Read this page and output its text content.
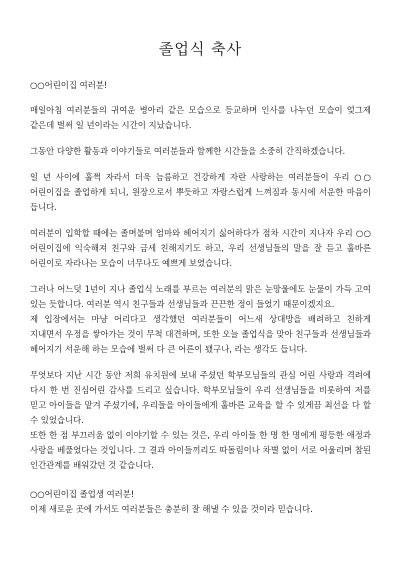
졸업식 축사

○○어린이집 여러분!

매일아침 여러분들의 귀여운 병아리 같은 모습으로 등교하며 인사를 나누던 모습이 엊그제 같은데 벌써 일 년이라는 시간이 지났습니다.

그동안 다양한 활동과 이야기들로 여러분들과 함께한 시간들을 소중히 간직하겠습니다.

일 년 사이에 훌쩍 자라서 더욱 늠름하고 건강하게 자란 사랑하는 여러분들이 우리 ○○어린이집을 졸업하게 되니, 원장으로서 뿌듯하고 자랑스럽게 느껴짐과 동시에 서운한 마음이 듭니다.

여러분이 입학할 때에는 졸며불며 엄마와 헤어지기 싫어하다가 점차 시간이 지나자 우리 ○○어린이집에 익숙해져 친구와 금세 친해지기도 하고, 우리 선생님들의 말을 잘 듣고 훌바른 어린이로 자라나는 모습이 너무나도 예쁘게 보였습니다.

그러나 어느덧 1년이 지나 졸업식 노래를 부르는 여러분의 맑은 눈망울에도 눈물이 가득 고여 있는 듯합니다. 여러분 역시 친구들과 선생님들과 끈끈한 정이 들었기 때문이겠지요.

제 입장에서는 마냥 어리다고 생각했던 여러분들이 어느새 상대방을 배려하고 친하게 지내면서 우정을 쌓아가는 것이 무척 대견하며, 또한 오늘 졸업식을 맞아 친구들과 선생님들과 헤어지기 서운해 하는 모습에 벌써 다 큰 어른이 됐구나, 라는 생각도 듭니다.

무엇보다 지난 시간 동안 저희 유치원에 보내 주셨던 학부모님들의 관심 어린 사랑과 격려에 다시 한 번 진심어린 감사를 드리고 싶습니다. 학부모님들이 우리 선생님들을 비롯하여 저를 믿고 아이들을 맡겨 주셨기에, 우리들을 아이들에게 훌바른 교육을 할 수 있게끔 최선을 다 할 수 있었습니다.

또한 한 점 부끄러움 없이 이야기할 수 있는 것은, 우리 아이들 한 명 한 명에게 평등한 애정과 사랑을 베풀었다는 것입니다. 그 결과 아이들끼리도 따돌림이나 차별 없이 서로 어울리며 참된 인간관계를 배워갔던 것 같습니다.

○○어린이집 졸업생 여러분!

이제 새로운 곳에 가서도 여러분들은 충분히 잘 해낼 수 있을 것이라 믿습니다.
